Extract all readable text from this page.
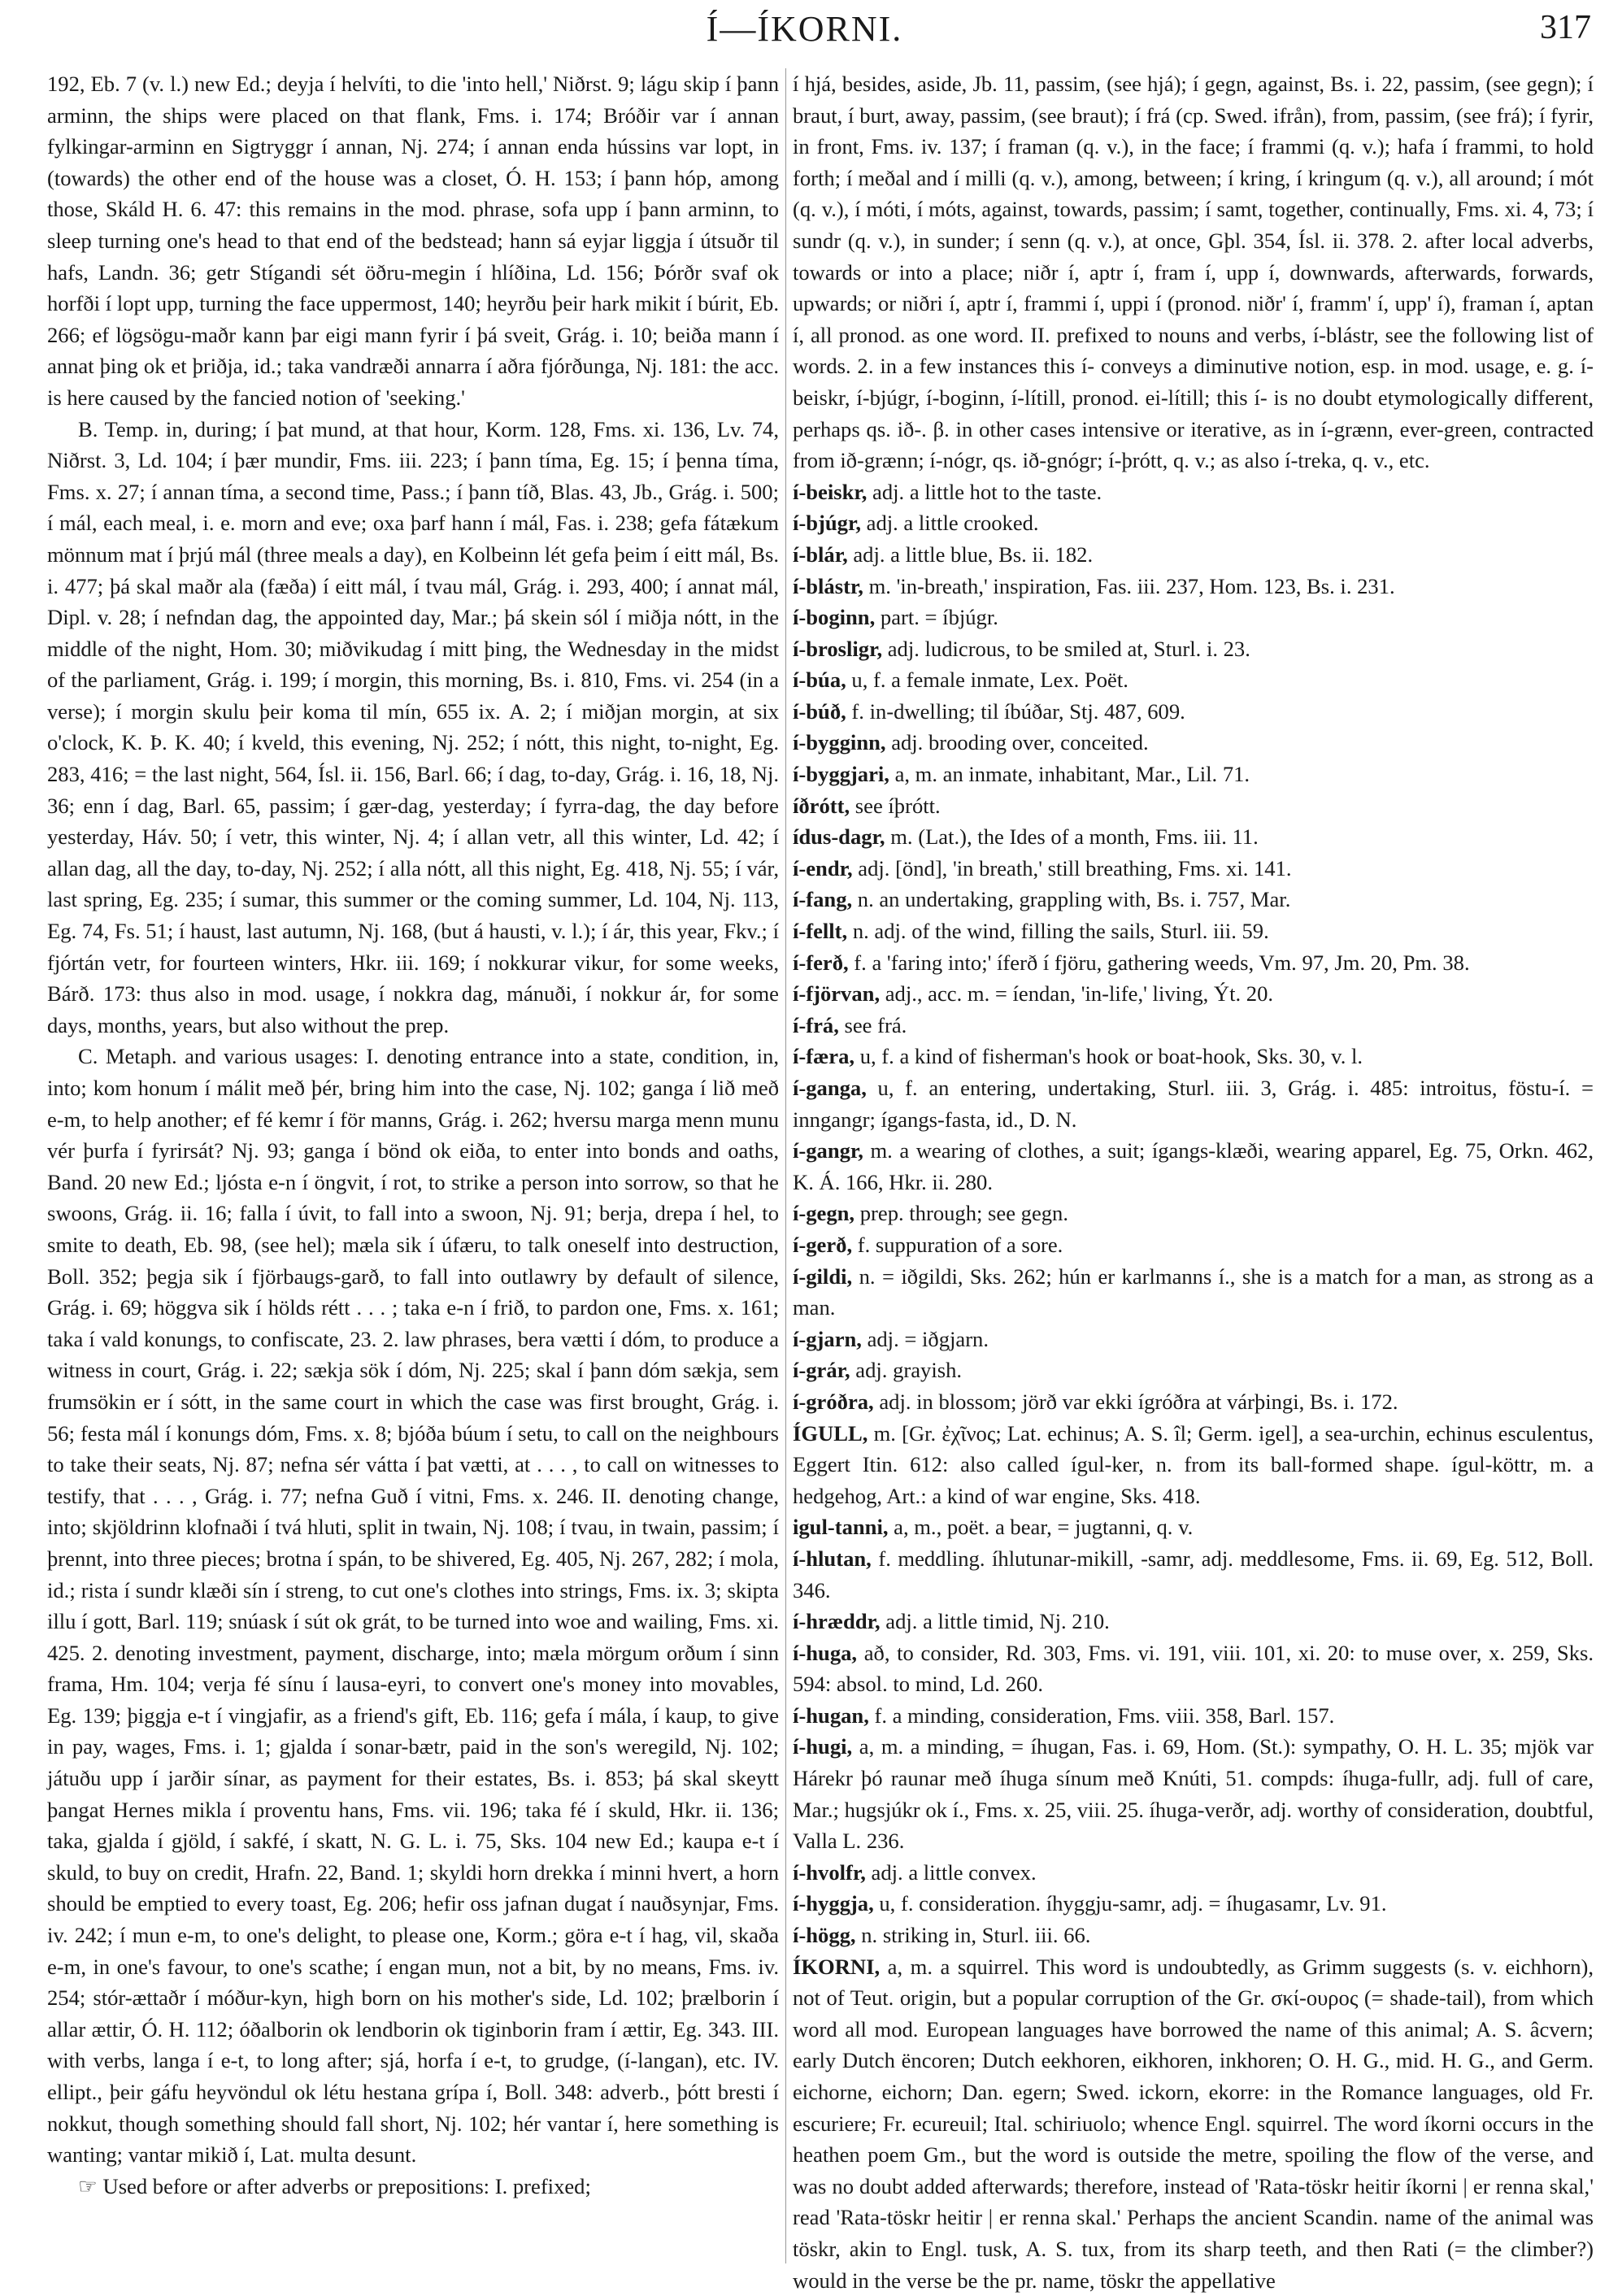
Í—ÍKORNI.	317

192, Eb. 7 (v. l.) new Ed.; deyja í helvíti, to die 'into hell,' Niðrst. 9; lágu skip í þann arminn, the ships were placed on that flank, Fms. i. 174; Bróðir var í annan fylkingar-arminn en Sigtryggr í annan, Nj. 274; í annan enda hússins var lopt, in (towards) the other end of the house was a closet, Ó. H. 153; í þann hóp, among those, Skáld H. 6. 47: this remains in the mod. phrase, sofa upp í þann arminn, to sleep turning one's head to that end of the bedstead; hann sá eyjar liggja í útsuðr til hafs, Landn. 36; getr Stígandi sét öðru-megin í hlíðina, Ld. 156; Þórðr svaf ok horfði í lopt upp, turning the face uppermost, 140; heyrðu þeir hark mikit í búrit, Eb. 266; ef lögsögu-maðr kann þar eigi mann fyrir í þá sveit, Grág. i. 10; beiða mann í annat þing ok et þriðja, id.; taka vandræði annarra í aðra fjórðunga, Nj. 181: the acc. is here caused by the fancied notion of 'seeking.'

B. Temp. in, during; í þat mund, at that hour, Korm. 128, Fms. xi. 136, Lv. 74, Niðrst. 3, Ld. 104; í þær mundir, Fms. iii. 223; í þann tíma, Eg. 15; í þenna tíma, Fms. x. 27; í annan tíma, a second time, Pass.; í þann tíð, Blas. 43, Jb., Grág. i. 500; í mál, each meal, i. e. morn and eve; oxa þarf hann í mál, Fas. i. 238; gefa fátækum mönnum mat í þrjú mál (three meals a day), en Kolbeinn lét gefa þeim í eitt mál, Bs. i. 477; þá skal maðr ala (fæða) í eitt mál, í tvau mál, Grág. i. 293, 400; í annat mál, Dipl. v. 28; í nefndan dag, the appointed day, Mar.; þá skein sól í miðja nótt, in the middle of the night, Hom. 30; miðvikudag í mitt þing, the Wednesday in the midst of the parliament, Grág. i. 199; í morgin, this morning, Bs. i. 810, Fms. vi. 254 (in a verse); í morgin skulu þeir koma til mín, 655 ix. A. 2; í miðjan morgin, at six o'clock, K. Þ. K. 40; í kveld, this evening, Nj. 252; í nótt, this night, to-night, Eg. 283, 416; = the last night, 564, Ísl. ii. 156, Barl. 66; í dag, to-day, Grág. i. 16, 18, Nj. 36; enn í dag, Barl. 65, passim; í gær-dag, yesterday; í fyrra-dag, the day before yesterday, Háv. 50; í vetr, this winter, Nj. 4; í allan vetr, all this winter, Ld. 42; í allan dag, all the day, to-day, Nj. 252; í alla nótt, all this night, Eg. 418, Nj. 55; í vár, last spring, Eg. 235; í sumar, this summer or the coming summer, Ld. 104, Nj. 113, Eg. 74, Fs. 51; í haust, last autumn, Nj. 168, (but á hausti, v. l.); í ár, this year, Fkv.; í fjórtán vetr, for fourteen winters, Hkr. iii. 169; í nokkurar vikur, for some weeks, Bárð. 173: thus also in mod. usage, í nokkra dag, mánuði, í nokkur ár, for some days, months, years, but also without the prep.

C. Metaph. and various usages: I. denoting entrance into a state, condition, in, into; kom honum í málit með þér, bring him into the case, Nj. 102; ganga í lið með e-m, to help another; ef fé kemr í för manns, Grág. i. 262; hversu marga menn munu vér þurfa í fyrirsát? Nj. 93; ganga í bönd ok eiða, to enter into bonds and oaths, Band. 20 new Ed.; ljósta e-n í öngvit, í rot, to strike a person into sorrow, so that he swoons, Grág. ii. 16; falla í úvit, to fall into a swoon, Nj. 91; berja, drepa í hel, to smite to death, Eb. 98, (see hel); mæla sik í úfæru, to talk oneself into destruction, Boll. 352; þegja sik í fjörbaugs-garð, to fall into outlawry by default of silence, Grág. i. 69; höggva sik í hölds rétt . . . ; taka e-n í frið, to pardon one, Fms. x. 161; taka í vald konungs, to confiscate, 23. 2. law phrases, bera vætti í dóm, to produce a witness in court, Grág. i. 22; sækja sök í dóm, Nj. 225; skal í þann dóm sækja, sem frumsökin er í sótt, in the same court in which the case was first brought, Grág. i. 56; festa mál í konungs dóm, Fms. x. 8; bjóða búum í setu, to call on the neighbours to take their seats, Nj. 87; nefna sér vátta í þat vætti, at . . . , to call on witnesses to testify, that . . . , Grág. i. 77; nefna Guð í vitni, Fms. x. 246. II. denoting change, into; skjöldrinn klofnaði í tvá hluti, split in twain, Nj. 108; í tvau, in twain, passim; í þrennt, into three pieces; brotna í spán, to be shivered, Eg. 405, Nj. 267, 282; í mola, id.; rista í sundr klæði sín í streng, to cut one's clothes into strings, Fms. ix. 3; skipta illu í gott, Barl. 119; snúask í sút ok grát, to be turned into woe and wailing, Fms. xi. 425. 2. denoting investment, payment, discharge, into; mæla mörgum orðum í sinn frama, Hm. 104; verja fé sínu í lausa-eyri, to convert one's money into movables, Eg. 139; þiggja e-t í vingjafir, as a friend's gift, Eb. 116; gefa í mála, í kaup, to give in pay, wages, Fms. i. 1; gjalda í sonar-bætr, paid in the son's weregild, Nj. 102; játuðu upp í jarðir sínar, as payment for their estates, Bs. i. 853; þá skal skeytt þangat Hernes mikla í proventu hans, Fms. vii. 196; taka fé í skuld, Hkr. ii. 136; taka, gjalda í gjöld, í sakfé, í skatt, N. G. L. i. 75, Sks. 104 new Ed.; kaupa e-t í skuld, to buy on credit, Hrafn. 22, Band. 1; skyldi horn drekka í minni hvert, a horn should be emptied to every toast, Eg. 206; hefir oss jafnan dugat í nauðsynjar, Fms. iv. 242; í mun e-m, to one's delight, to please one, Korm.; göra e-t í hag, vil, skaða e-m, in one's favour, to one's scathe; í engan mun, not a bit, by no means, Fms. iv. 254; stór-ættaðr í móður-kyn, high born on his mother's side, Ld. 102; þrælborin í allar ættir, Ó. H. 112; óðalborin ok lendborin ok tiginborin fram í ættir, Eg. 343. III. with verbs, langa í e-t, to long after; sjá, horfa í e-t, to grudge, (í-langan), etc. IV. ellipt., þeir gáfu heyvöndul ok létu hestana grípa í, Boll. 348: adverb., þótt bresti í nokkut, though something should fall short, Nj. 102; hér vantar í, here something is wanting; vantar mikið í, Lat. multa desunt.

☞ Used before or after adverbs or prepositions: I. prefixed;

í hjá, besides, aside, Jb. 11, passim, (see hjá); í gegn, against, Bs. i. 22, passim, (see gegn); í braut, í burt, away, passim, (see braut); í frá (cp. Swed. ifrån), from, passim, (see frá); í fyrir, in front, Fms. iv. 137; í framan (q. v.), in the face; í frammi (q. v.); hafa í frammi, to hold forth; í meðal and í milli (q. v.), among, between; í kring, í kringum (q. v.), all around; í mót (q. v.), í móti, í móts, against, towards, passim; í samt, together, continually, Fms. xi. 4, 73; í sundr (q. v.), in sunder; í senn (q. v.), at once, Gþl. 354, Ísl. ii. 378. 2. after local adverbs, towards or into a place; niðr í, aptr í, fram í, upp í, downwards, afterwards, forwards, upwards; or niðri í, aptr í, frammi í, uppi í (pronod. niðr' í, framm' í, upp' í), framan í, aptan í, all pronod. as one word. II. prefixed to nouns and verbs, í-blástr, see the following list of words. 2. in a few instances this í- conveys a diminutive notion, esp. in mod. usage, e. g. í-beiskr, í-bjúgr, í-boginn, í-lítill, pronod. ei-lítill; this í- is no doubt etymologically different, perhaps qs. ið-. β. in other cases intensive or iterative, as in í-grænn, ever-green, contracted from ið-grænn; í-nógr, qs. ið-gnógr; í-þrótt, q. v.; as also í-treka, q. v., etc.

í-beiskr, adj. a little hot to the taste.

í-bjúgr, adj. a little crooked.

í-blár, adj. a little blue, Bs. ii. 182.

í-blástr, m. 'in-breath,' inspiration, Fas. iii. 237, Hom. 123, Bs. i. 231.

í-boginn, part. = íbjúgr.

í-brosligr, adj. ludicrous, to be smiled at, Sturl. i. 23.

í-búa, u, f. a female inmate, Lex. Poët.

í-búð, f. in-dwelling; til íbúðar, Stj. 487, 609.

í-bygginn, adj. brooding over, conceited.

í-byggjari, a, m. an inmate, inhabitant, Mar., Lil. 71.

íðrótt, see íþrótt.

ídus-dagr, m. (Lat.), the Ides of a month, Fms. iii. 11.

í-endr, adj. [önd], 'in breath,' still breathing, Fms. xi. 141.

í-fang, n. an undertaking, grappling with, Bs. i. 757, Mar.

í-fellt, n. adj. of the wind, filling the sails, Sturl. iii. 59.

í-ferð, f. a 'faring into;' íferð í fjöru, gathering weeds, Vm. 97, Jm. 20, Pm. 38.

í-fjörvan, adj., acc. m. = íendan, 'in-life,' living, Ýt. 20.

í-frá, see frá.

í-færa, u, f. a kind of fisherman's hook or boat-hook, Sks. 30, v. l.

í-ganga, u, f. an entering, undertaking, Sturl. iii. 3, Grág. i. 485: introitus, föstu-í. = inngangr; ígangs-fasta, id., D. N.

í-gangr, m. a wearing of clothes, a suit; ígangs-klæði, wearing apparel, Eg. 75, Orkn. 462, K. Á. 166, Hkr. ii. 280.

í-gegn, prep. through; see gegn.

í-gerð, f. suppuration of a sore.

í-gildi, n. = iðgildi, Sks. 262; hún er karlmanns í., she is a match for a man, as strong as a man.

í-gjarn, adj. = iðgjarn.

í-grár, adj. grayish.

í-gróðra, adj. in blossom; jörð var ekki ígróðra at várþingi, Bs. i. 172.

ÍGULL, m. [Gr. ἐχῖνος; Lat. echinus; A. S. îl; Germ. igel], a sea-urchin, echinus esculentus, Eggert Itin. 612: also called ígul-ker, n. from its ball-formed shape. ígul-köttr, m. a hedgehog, Art.: a kind of war engine, Sks. 418.

igul-tanni, a, m., poët. a bear, = jugtanni, q. v.

í-hlutan, f. meddling. íhlutunar-mikill, -samr, adj. meddlesome, Fms. ii. 69, Eg. 512, Boll. 346.

í-hræddr, adj. a little timid, Nj. 210.

í-huga, að, to consider, Rd. 303, Fms. vi. 191, viii. 101, xi. 20: to muse over, x. 259, Sks. 594: absol. to mind, Ld. 260.

í-hugan, f. a minding, consideration, Fms. viii. 358, Barl. 157.

í-hugi, a, m. a minding, = íhugan, Fas. i. 69, Hom. (St.): sympathy, O. H. L. 35; mjök var Hárekr þó raunar með íhuga sínum með Knúti, 51. compds: íhuga-fullr, adj. full of care, Mar.; hugsjúkr ok í., Fms. x. 25, viii. 25. íhuga-verðr, adj. worthy of consideration, doubtful, Valla L. 236.

í-hvolfr, adj. a little convex.

í-hyggja, u, f. consideration. íhyggju-samr, adj. = íhugasamr, Lv. 91.

í-högg, n. striking in, Sturl. iii. 66.

ÍKORNI, a, m. a squirrel. This word is undoubtedly, as Grimm suggests (s. v. eichhorn), not of Teut. origin, but a popular corruption of the Gr. σκί-ουρος (= shade-tail), from which word all mod. European languages have borrowed the name of this animal; A. S. âcvern; early Dutch ëncoren; Dutch eekhoren, eikhoren, inkhoren; O. H. G., mid. H. G., and Germ. eichorne, eichorn; Dan. egern; Swed. ickorn, ekorre: in the Romance languages, old Fr. escuriere; Fr. ecureuil; Ital. schiriuolo; whence Engl. squirrel. The word íkorni occurs in the heathen poem Gm., but the word is outside the metre, spoiling the flow of the verse, and was no doubt added afterwards; therefore, instead of 'Rata-töskr heitir íkorni | er renna skal,' read 'Rata-töskr heitir | er renna skal.' Perhaps the ancient Scandin. name of the animal was töskr, akin to Engl. tusk, A. S. tux, from its sharp teeth, and then Rati (= the climber?) would in the verse be the pr. name, töskr the appellative
